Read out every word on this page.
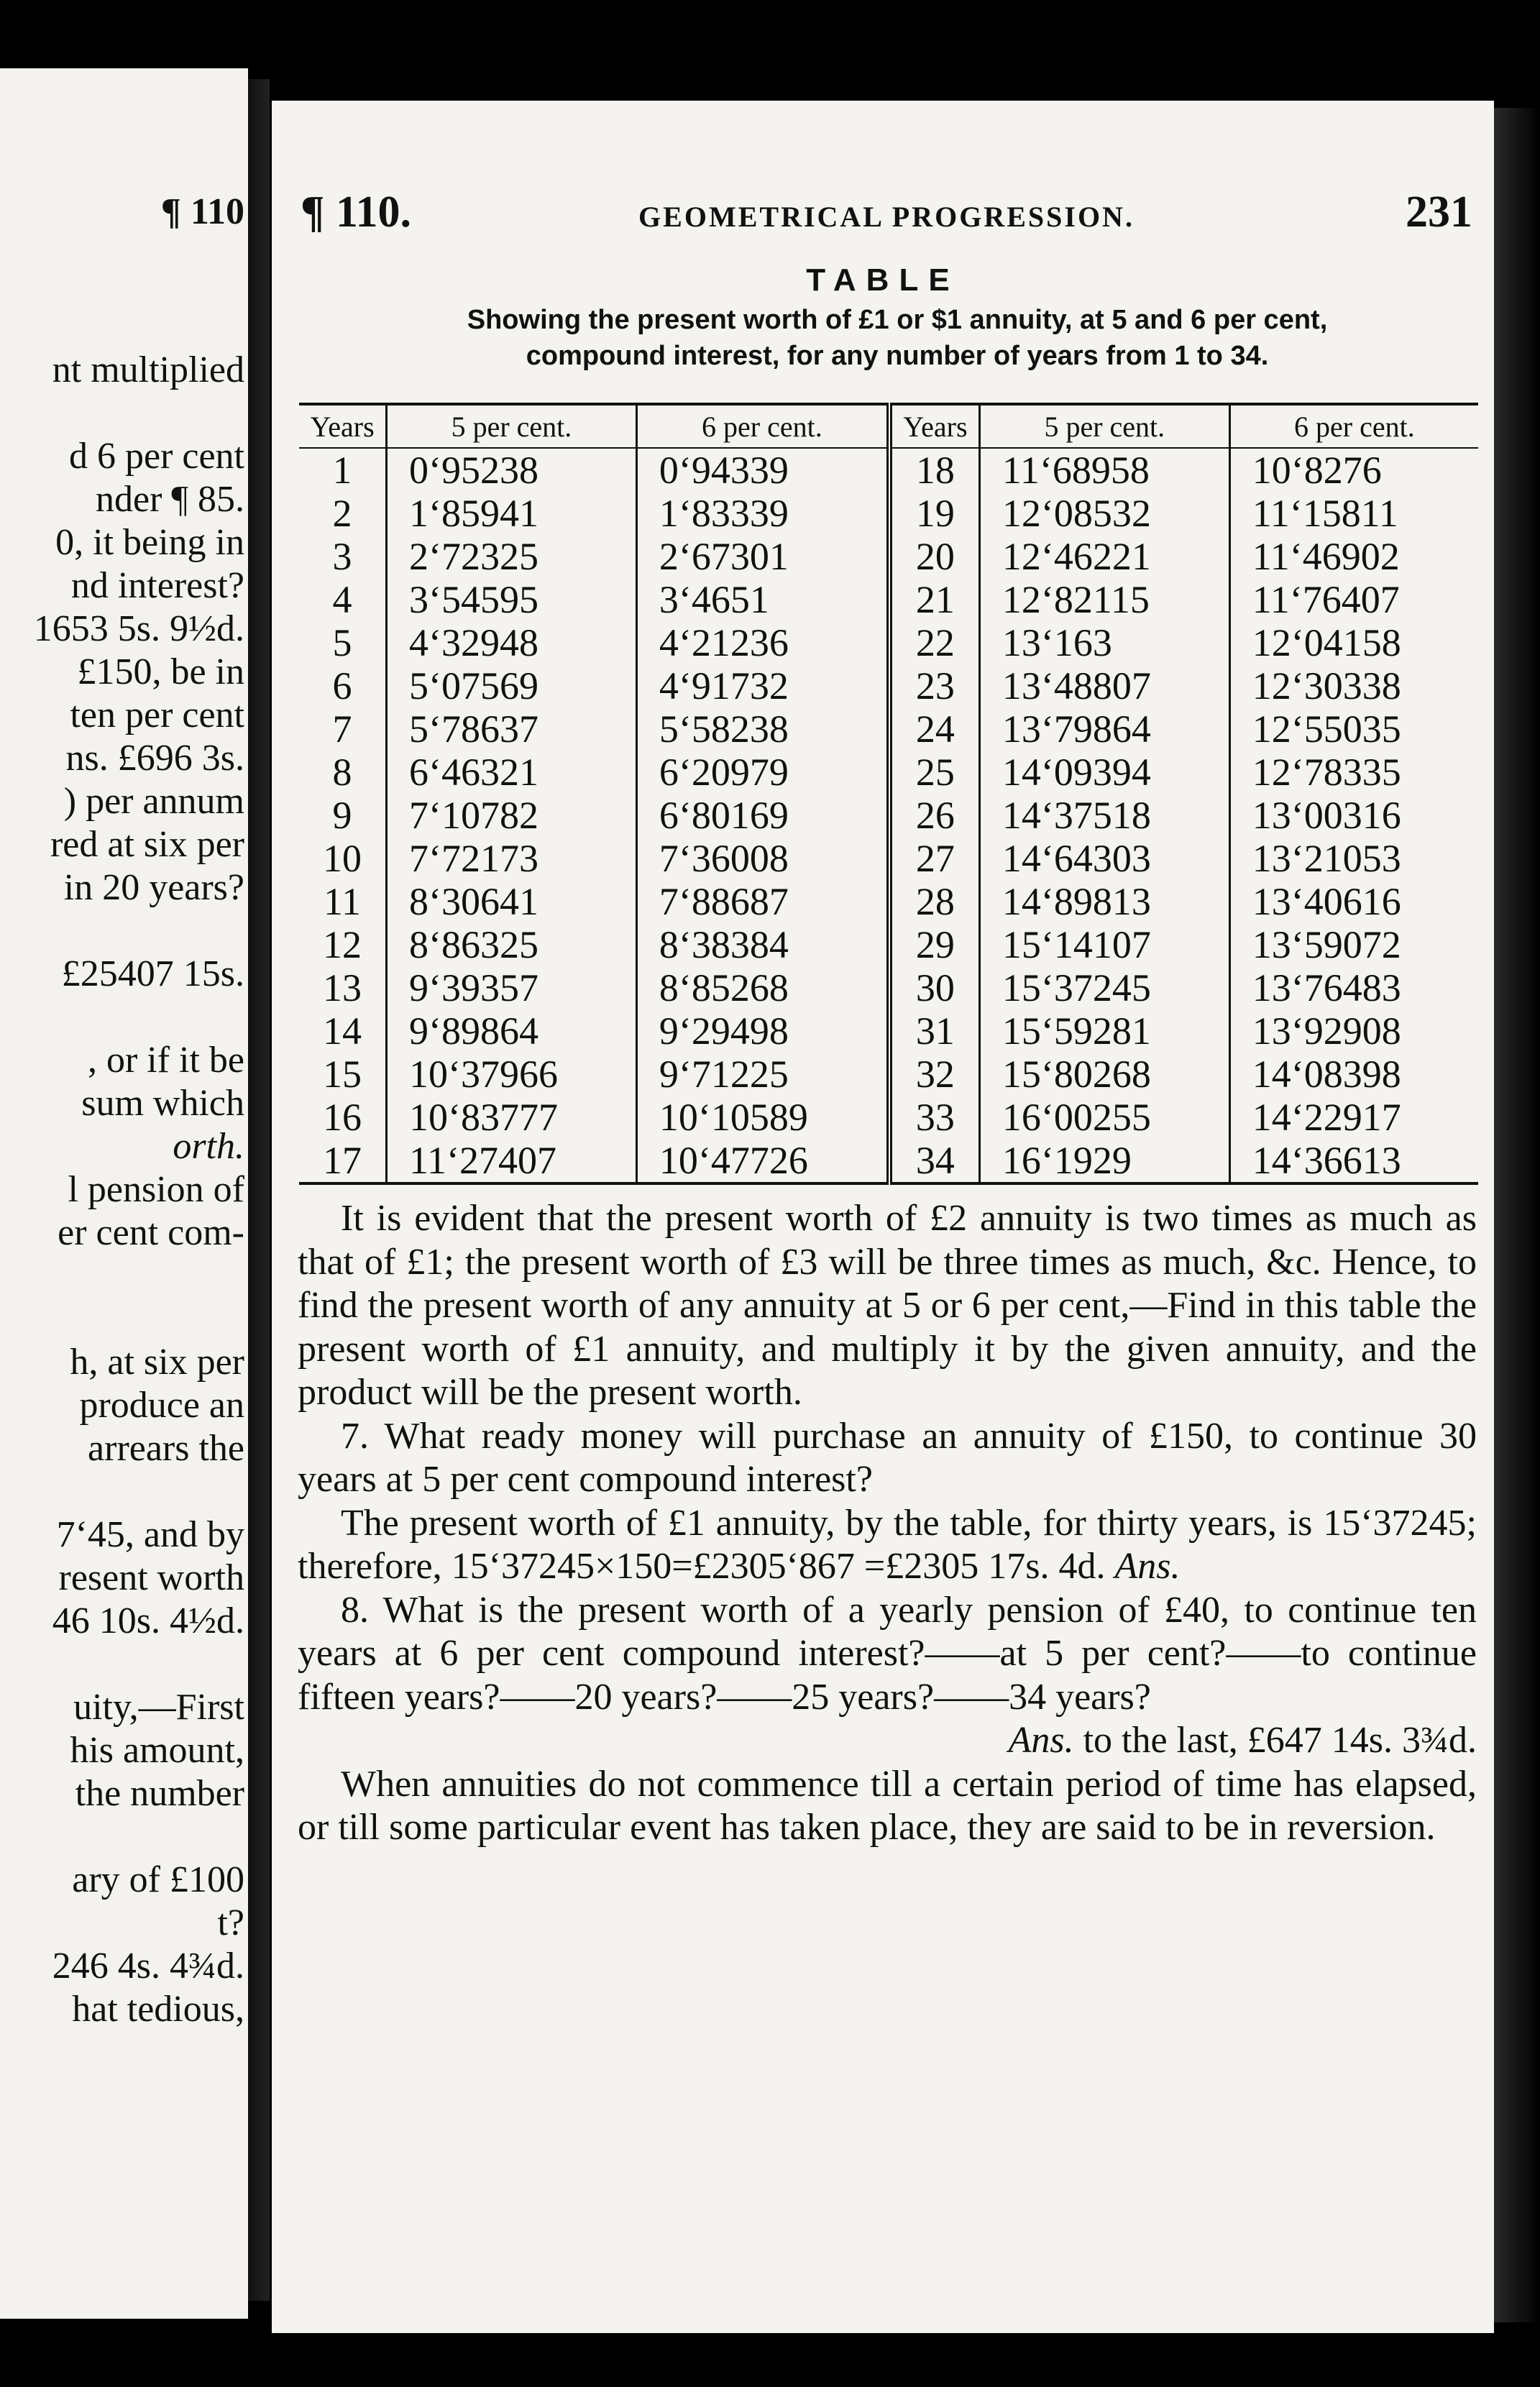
¶ 110
nt multiplied
d 6 per cent
nder ¶ 85.
0, it being in
nd interest?
1653 5s. 9½d.
£150, be in
ten per cent
ns. £696 3s.
) per annum
red at six per
in 20 years?
£25407 15s.
, or if it be
sum which
orth.
l pension of
er cent com-
h, at six per
produce an
arrears the
7‘45, and by
resent worth
46 10s. 4½d.
uity,—First
his amount,
the number
ary of £100
t?
246 4s. 4¾d.
hat tedious,
¶ 110.	GEOMETRICAL PROGRESSION.	231
TABLE
Showing the present worth of £1 or $1 annuity, at 5 and 6 per cent,
compound interest, for any number of years from 1 to 34.
Years	5 per cent.	6 per cent.	Years	5 per cent.	6 per cent.
1	0‘95238	0‘94339	18	11‘68958	10‘8276
2	1‘85941	1‘83339	19	12‘08532	11‘15811
3	2‘72325	2‘67301	20	12‘46221	11‘46902
4	3‘54595	3‘4651	21	12‘82115	11‘76407
5	4‘32948	4‘21236	22	13‘163	12‘04158
6	5‘07569	4‘91732	23	13‘48807	12‘30338
7	5‘78637	5‘58238	24	13‘79864	12‘55035
8	6‘46321	6‘20979	25	14‘09394	12‘78335
9	7‘10782	6‘80169	26	14‘37518	13‘00316
10	7‘72173	7‘36008	27	14‘64303	13‘21053
11	8‘30641	7‘88687	28	14‘89813	13‘40616
12	8‘86325	8‘38384	29	15‘14107	13‘59072
13	9‘39357	8‘85268	30	15‘37245	13‘76483
14	9‘89864	9‘29498	31	15‘59281	13‘92908
15	10‘37966	9‘71225	32	15‘80268	14‘08398
16	10‘83777	10‘10589	33	16‘00255	14‘22917
17	11‘27407	10‘47726	34	16‘1929	14‘36613

It is evident that the present worth of £2 annuity is two times as much as that of £1; the present worth of £3 will be three times as much, &c. Hence, to find the present worth of any annuity at 5 or 6 per cent,—Find in this table the present worth of £1 annuity, and multiply it by the given annuity, and the product will be the present worth.

7. What ready money will purchase an annuity of £150, to continue 30 years at 5 per cent compound interest?

The present worth of £1 annuity, by the table, for thirty years, is 15‘37245; therefore, 15‘37245×150=£2305‘867 =£2305 17s. 4d. Ans.

8. What is the present worth of a yearly pension of £40, to continue ten years at 6 per cent compound interest?——at 5 per cent?——to continue fifteen years?——20 years?——25 years?——34 years?

Ans. to the last, £647 14s. 3¾d.

When annuities do not commence till a certain period of time has elapsed, or till some particular event has taken place, they are said to be in reversion.
